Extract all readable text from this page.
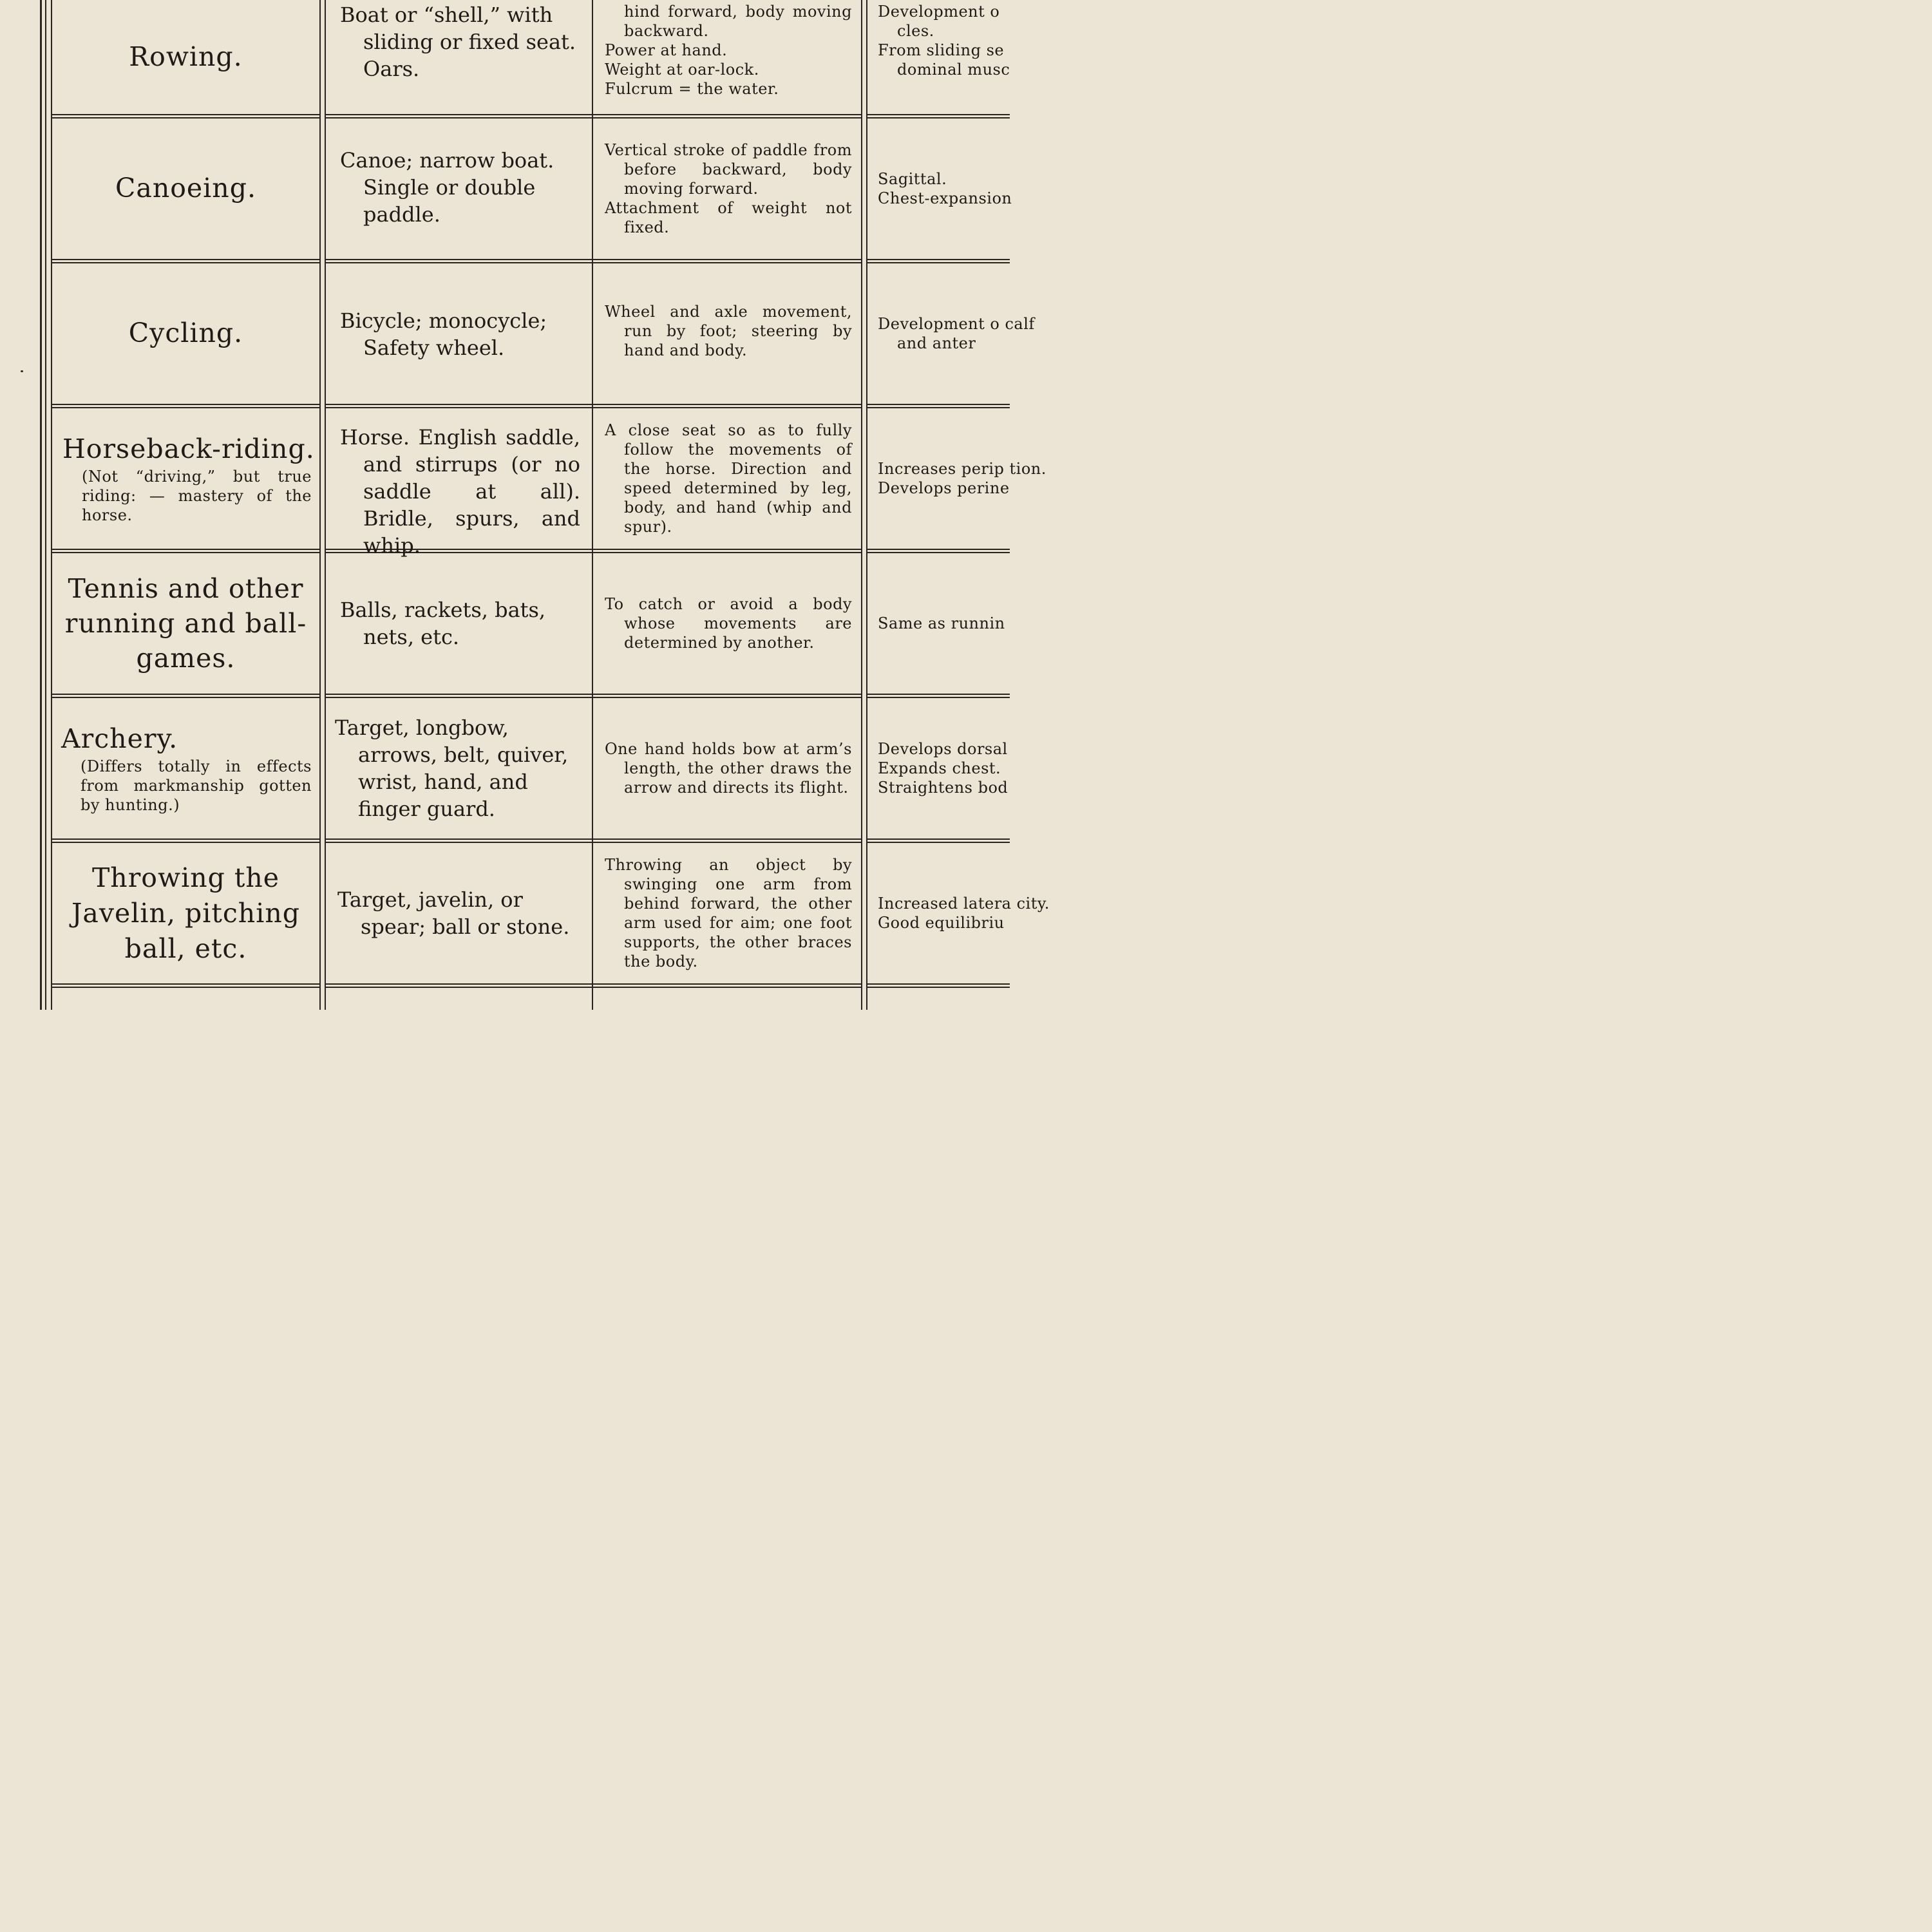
Rowing.

Boat or “shell,” with sliding or fixed seat. Oars.

hind forward, body moving backward.

Power at hand.

Weight at oar-lock.

Fulcrum = the water.

Development o cles.

From sliding se dominal musc

Canoeing.

Canoe; narrow boat. Single or double paddle.

Vertical stroke of paddle from before backward, body moving forward.

Attachment of weight not fixed.

Sagittal.

Chest-expansion

Cycling.	Bicycle; monocycle; Safety wheel.

Wheel and axle movement, run by foot; steering by hand and body.

Development o calf and anter

Horseback-riding.
(Not “driving,” but true riding: — mastery of the horse.

Horse. English saddle, and stirrups (or no saddle at all). Bridle, spurs, and whip.

A close seat so as to fully follow the movements of the horse. Direction and speed determined by leg, body, and hand (whip and spur).

Increases perip tion.

Develops perine

Tennis and other running and ball-games.

Balls, rackets, bats, nets, etc.

To catch or avoid a body whose movements are determined by another.

Same as runnin

Archery.
(Differs totally in effects from markmanship gotten by hunting.)

Target, longbow, arrows, belt, quiver, wrist, hand, and finger guard.

One hand holds bow at arm’s length, the other draws the arrow and directs its flight.

Develops dorsal

Expands chest.

Straightens bod

Throwing the Javelin, pitching ball, etc.

Target, javelin, or spear; ball or stone.

Throwing an object by swinging one arm from behind forward, the other arm used for aim; one foot supports, the other braces the body.

Increased latera city.

Good equilibriu
